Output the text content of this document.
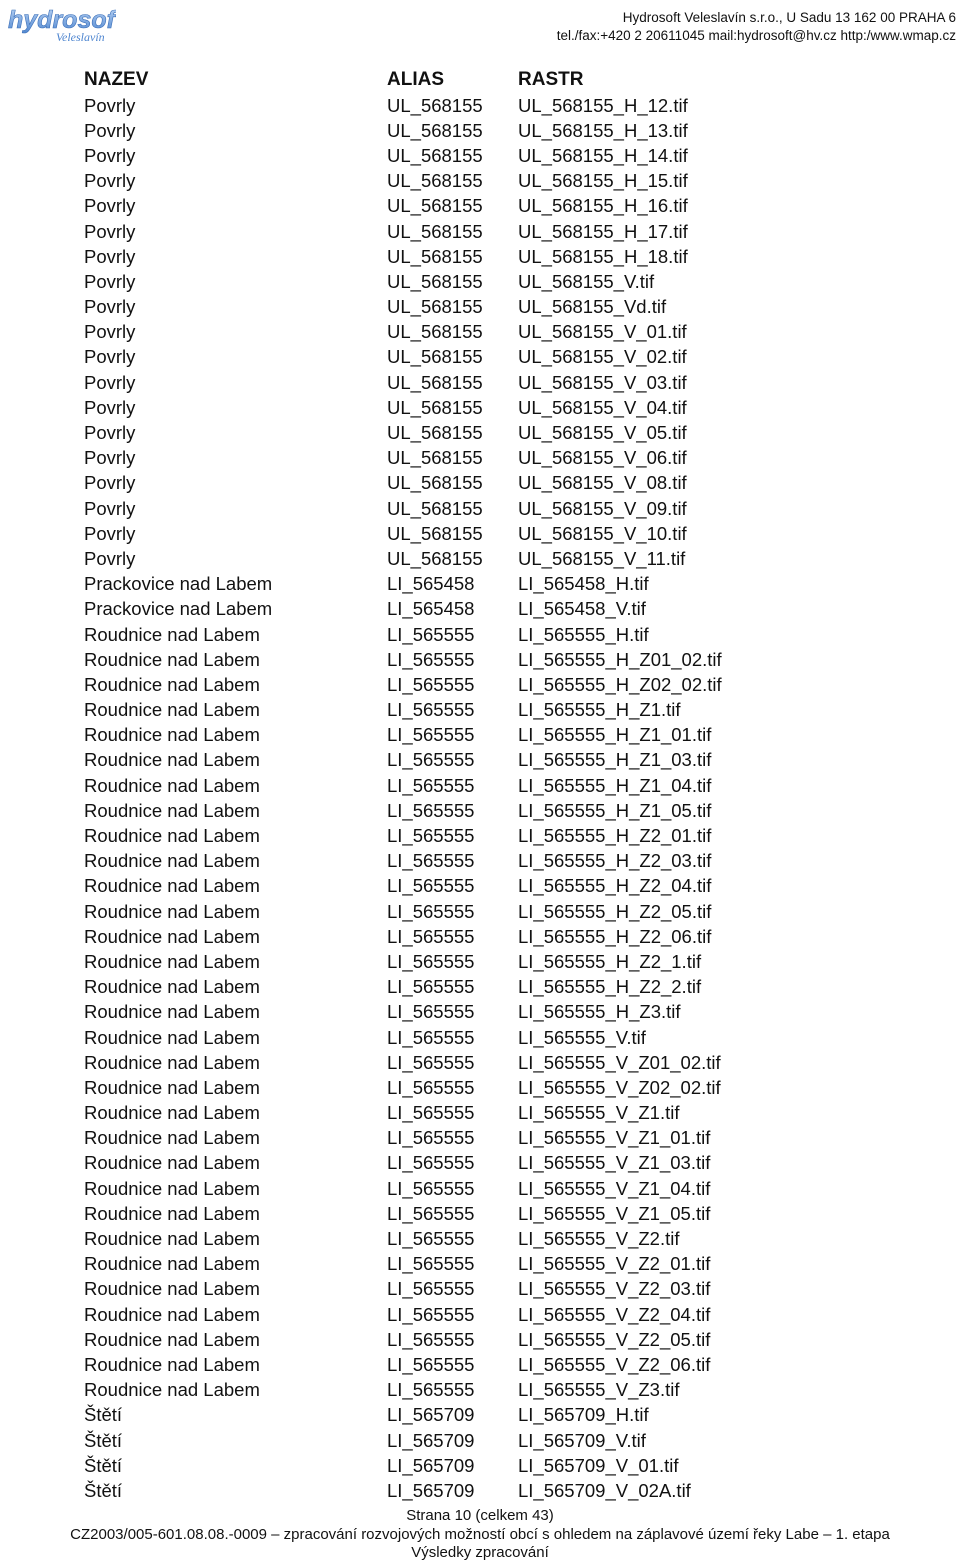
hydrosoft
Veleslavín
Hydrosoft Veleslavín s.r.o., U Sadu 13 162 00 PRAHA 6
tel./fax:+420 2 20611045 mail:hydrosoft@hv.cz http:/www.wmap.cz
NAZEV	ALIAS	RASTR
Povrly	UL_568155	UL_568155_H_12.tif
Povrly	UL_568155	UL_568155_H_13.tif
Povrly	UL_568155	UL_568155_H_14.tif
Povrly	UL_568155	UL_568155_H_15.tif
Povrly	UL_568155	UL_568155_H_16.tif
Povrly	UL_568155	UL_568155_H_17.tif
Povrly	UL_568155	UL_568155_H_18.tif
Povrly	UL_568155	UL_568155_V.tif
Povrly	UL_568155	UL_568155_Vd.tif
Povrly	UL_568155	UL_568155_V_01.tif
Povrly	UL_568155	UL_568155_V_02.tif
Povrly	UL_568155	UL_568155_V_03.tif
Povrly	UL_568155	UL_568155_V_04.tif
Povrly	UL_568155	UL_568155_V_05.tif
Povrly	UL_568155	UL_568155_V_06.tif
Povrly	UL_568155	UL_568155_V_08.tif
Povrly	UL_568155	UL_568155_V_09.tif
Povrly	UL_568155	UL_568155_V_10.tif
Povrly	UL_568155	UL_568155_V_11.tif
Prackovice nad Labem	LI_565458	LI_565458_H.tif
Prackovice nad Labem	LI_565458	LI_565458_V.tif
Roudnice nad Labem	LI_565555	LI_565555_H.tif
Roudnice nad Labem	LI_565555	LI_565555_H_Z01_02.tif
Roudnice nad Labem	LI_565555	LI_565555_H_Z02_02.tif
Roudnice nad Labem	LI_565555	LI_565555_H_Z1.tif
Roudnice nad Labem	LI_565555	LI_565555_H_Z1_01.tif
Roudnice nad Labem	LI_565555	LI_565555_H_Z1_03.tif
Roudnice nad Labem	LI_565555	LI_565555_H_Z1_04.tif
Roudnice nad Labem	LI_565555	LI_565555_H_Z1_05.tif
Roudnice nad Labem	LI_565555	LI_565555_H_Z2_01.tif
Roudnice nad Labem	LI_565555	LI_565555_H_Z2_03.tif
Roudnice nad Labem	LI_565555	LI_565555_H_Z2_04.tif
Roudnice nad Labem	LI_565555	LI_565555_H_Z2_05.tif
Roudnice nad Labem	LI_565555	LI_565555_H_Z2_06.tif
Roudnice nad Labem	LI_565555	LI_565555_H_Z2_1.tif
Roudnice nad Labem	LI_565555	LI_565555_H_Z2_2.tif
Roudnice nad Labem	LI_565555	LI_565555_H_Z3.tif
Roudnice nad Labem	LI_565555	LI_565555_V.tif
Roudnice nad Labem	LI_565555	LI_565555_V_Z01_02.tif
Roudnice nad Labem	LI_565555	LI_565555_V_Z02_02.tif
Roudnice nad Labem	LI_565555	LI_565555_V_Z1.tif
Roudnice nad Labem	LI_565555	LI_565555_V_Z1_01.tif
Roudnice nad Labem	LI_565555	LI_565555_V_Z1_03.tif
Roudnice nad Labem	LI_565555	LI_565555_V_Z1_04.tif
Roudnice nad Labem	LI_565555	LI_565555_V_Z1_05.tif
Roudnice nad Labem	LI_565555	LI_565555_V_Z2.tif
Roudnice nad Labem	LI_565555	LI_565555_V_Z2_01.tif
Roudnice nad Labem	LI_565555	LI_565555_V_Z2_03.tif
Roudnice nad Labem	LI_565555	LI_565555_V_Z2_04.tif
Roudnice nad Labem	LI_565555	LI_565555_V_Z2_05.tif
Roudnice nad Labem	LI_565555	LI_565555_V_Z2_06.tif
Roudnice nad Labem	LI_565555	LI_565555_V_Z3.tif
Štětí	LI_565709	LI_565709_H.tif
Štětí	LI_565709	LI_565709_V.tif
Štětí	LI_565709	LI_565709_V_01.tif
Štětí	LI_565709	LI_565709_V_02A.tif
Strana 10 (celkem 43)
CZ2003/005-601.08.08.-0009 – zpracování rozvojových možností obcí s ohledem na záplavové území řeky Labe – 1. etapa
Výsledky zpracování
